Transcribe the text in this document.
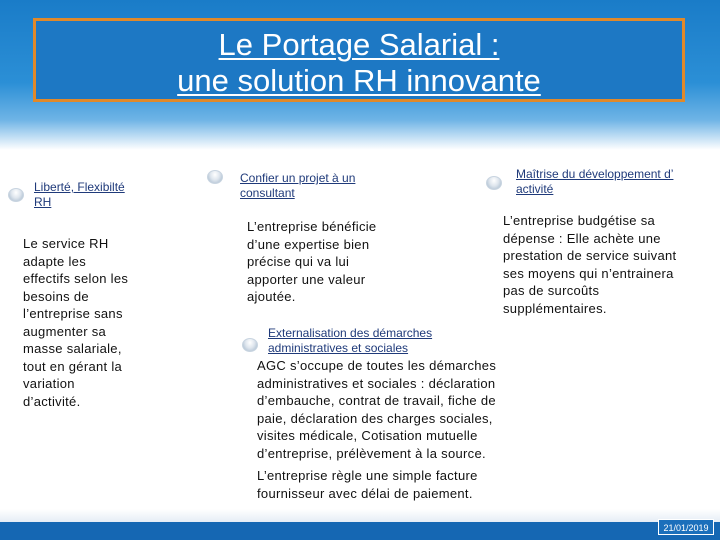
Le Portage Salarial :
une solution RH innovante
Liberté, Flexibilté
RH
Le service RH
adapte les
effectifs selon les
besoins de
l’entreprise sans
augmenter sa
masse salariale,
tout en gérant la
variation
d’activité.
Confier un projet à un
consultant
L’entreprise bénéficie
d’une expertise bien
précise qui va lui
apporter une valeur
ajoutée.
Maîtrise du développement d’
activité
L’entreprise budgétise sa
dépense : Elle achète une
prestation de service suivant
ses moyens qui n’entrainera
pas de surcoûts
supplémentaires.
Externalisation des démarches
administratives et sociales
AGC s’occupe de toutes les démarches
administratives et sociales : déclaration
d’embauche, contrat de travail, fiche de
paie, déclaration des charges sociales,
visites médicale, Cotisation mutuelle
d’entreprise, prélèvement à la source.
L’entreprise règle une simple facture
fournisseur avec délai de paiement.
21/01/2019
